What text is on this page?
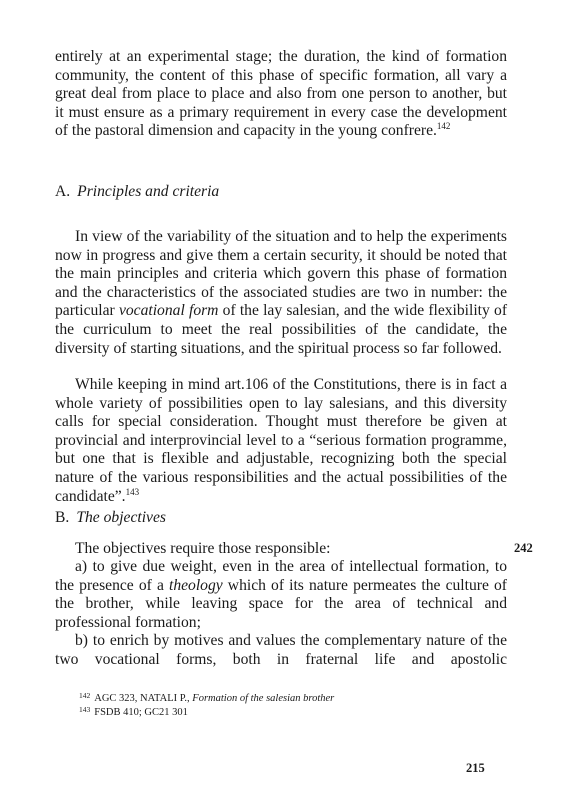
entirely at an experimental stage; the duration, the kind of formation community, the content of this phase of specific formation, all vary a great deal from place to place and also from one person to another, but it must ensure as a primary requirement in every case the development of the pastoral dimension and capacity in the young confrere.$^{142}$

A. Principles and criteria

In view of the variability of the situation and to help the experiments now in progress and give them a certain security, it should be noted that the main principles and criteria which govern this phase of formation and the characteristics of the associated studies are two in number: the particular vocational form of the lay salesian, and the wide flexibility of the curriculum to meet the real possibilities of the candidate, the diversity of starting situations, and the spiritual process so far followed.

While keeping in mind art.106 of the Constitutions, there is in fact a whole variety of possibilities open to lay salesians, and this diversity calls for special consideration. Thought must therefore be given at provincial and interprovincial level to a “serious formation programme, but one that is flexible and adjustable, recognizing both the special nature of the various responsibilities and the actual possibilities of the candidate”.$^{143}$

B. The objectives

The objectives require those responsible:

a) to give due weight, even in the area of intellectual formation, to the presence of a theology which of its nature permeates the culture of the brother, while leaving space for the area of technical and professional formation;

b) to enrich by motives and values the complementary nature of the two vocational forms, both in fraternal life and apostolic

$^{142}$ AGC 323, NATALI P., Formation of the salesian brother
$^{143}$ FSDB 410; GC21 301
242
215
